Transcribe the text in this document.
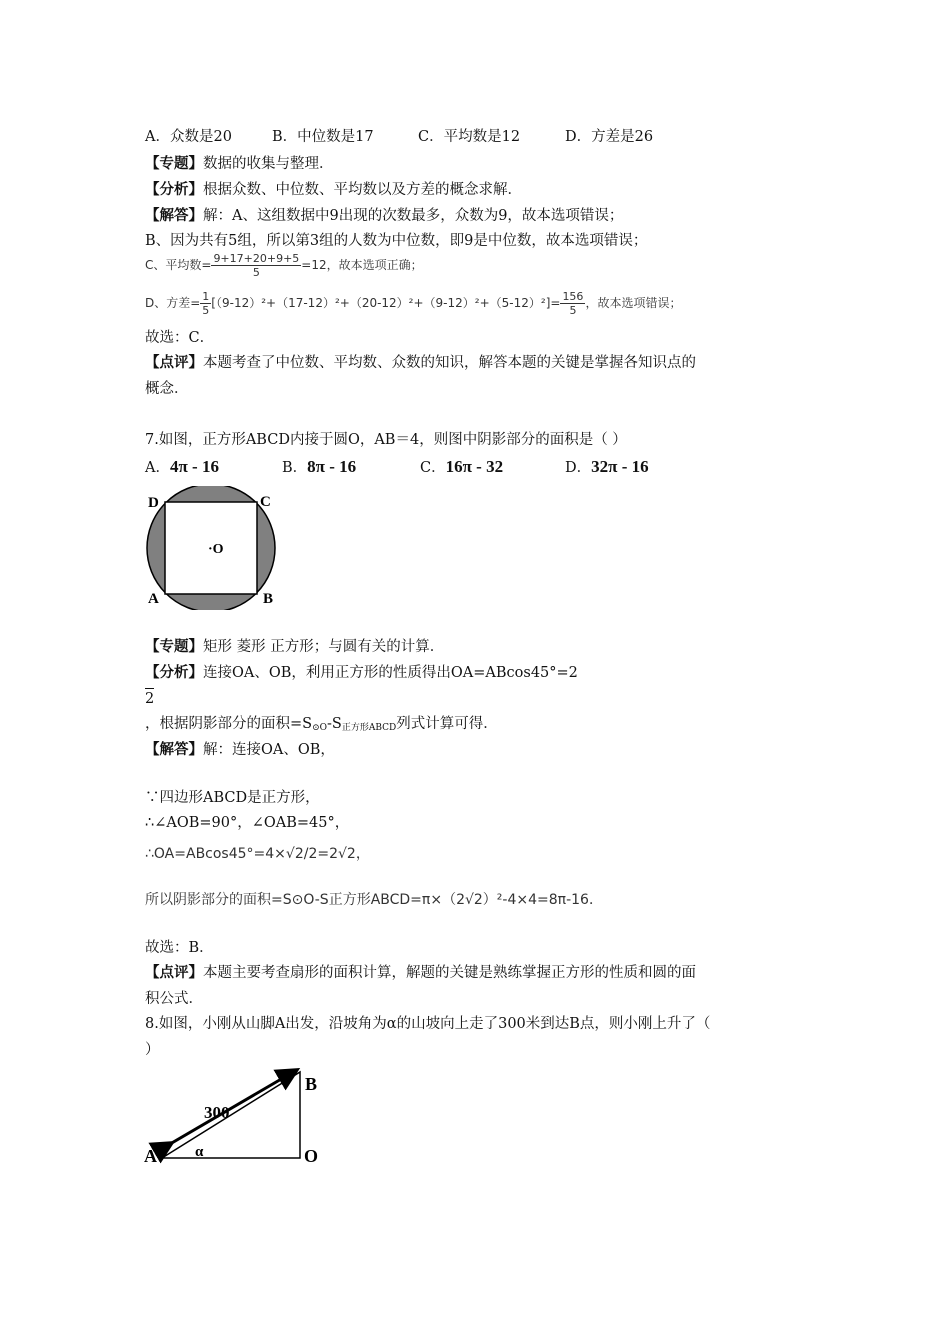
A．众数是20	B．中位数是17	C．平均数是12	D．方差是26
【专题】数据的收集与整理．
【分析】根据众数、中位数、平均数以及方差的概念求解．
【解答】解：A、这组数据中9出现的次数最多，众数为9，故本选项错误；
B、因为共有5组，所以第3组的人数为中位数，即9是中位数，故本选项错误；
C、平均数= $\frac{9+17+20+9+5}{5} =12$，故本选项正确；
D、方差= $\frac{1}{5} [(9-12)^2+(17-12)^2+(20-12)^2+(9-12)^2+(5-12)^2]= \frac{156}{5}$ ，故本选项错误；
故选：C．
【点评】本题考查了中位数、平均数、众数的知识，解答本题的关键是掌握各知识点的
概念．
7.如图，正方形ABCD内接于圆O，AB＝4，则图中阴影部分的面积是（ ）
A．4π - 16	B．8π - 16	C．16π - 32	D．32π - 16
D	C
·O
A	B
【专题】矩形 菱形 正方形；与圆有关的计算．
【分析】连接OA、OB，利用正方形的性质得出OA=ABcos45°=2
2
，根据阴影部分的面积$=S_{⊙O}-S_{正方形ABCD}$列式计算可得．
【解答】解：连接OA、OB，
∵四边形ABCD是正方形，
∴∠AOB=90°，∠OAB=45°，
∴OA=ABcos45°=4×√2/2=2√2，
所以阴影部分的面积=S⊙O-S正方形ABCD=π×（2√2）²-4×4=8π-16．
故选：B．
【点评】本题主要考查扇形的面积计算，解题的关键是熟练掌握正方形的性质和圆的面
积公式．
8.如图，小刚从山脚A出发，沿坡角为α的山坡向上走了300米到达B点，则小刚上升了（
）
300
α
A
B
O
